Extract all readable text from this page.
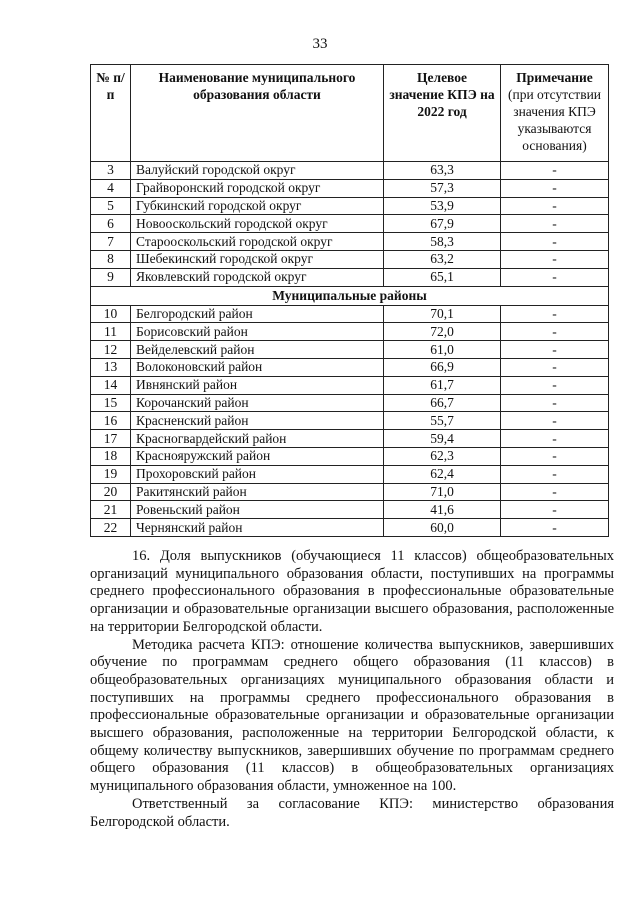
33
№ п/п	Наименование муниципального образования области	Целевое значение КПЭ на 2022 год	Примечание
(при отсутствии значения КПЭ указываются основания)
3	Валуйский городской округ	63,3	-
4	Грайворонский городской округ	57,3	-
5	Губкинский городской округ	53,9	-
6	Новооскольский городской округ	67,9	-
7	Старооскольский городской округ	58,3	-
8	Шебекинский городской округ	63,2	-
9	Яковлевский городской округ	65,1	-
Муниципальные районы			
10	Белгородский район	70,1	-
11	Борисовский район	72,0	-
12	Вейделевский район	61,0	-
13	Волоконовский район	66,9	-
14	Ивнянский район	61,7	-
15	Корочанский район	66,7	-
16	Красненский район	55,7	-
17	Красногвардейский район	59,4	-
18	Краснояружский район	62,3	-
19	Прохоровский район	62,4	-
20	Ракитянский район	71,0	-
21	Ровеньский район	41,6	-
22	Чернянский район	60,0	-

16. Доля выпускников (обучающиеся 11 классов) общеобразовательных организаций муниципального образования области, поступивших на программы среднего профессионального образования в профессиональные образовательные организации и образовательные организации высшего образования, расположенные на территории Белгородской области.

Методика расчета КПЭ: отношение количества выпускников, завершивших обучение по программам среднего общего образования (11 классов) в общеобразовательных организациях муниципального образования области и поступивших на программы среднего профессионального образования в профессиональные образовательные организации и образовательные организации высшего образования, расположенные на территории Белгородской области, к общему количеству выпускников, завершивших обучение по программам среднего общего образования (11 классов) в общеобразовательных организациях муниципального образования области, умноженное на 100.

Ответственный за согласование КПЭ: министерство образования Белгородской области.
